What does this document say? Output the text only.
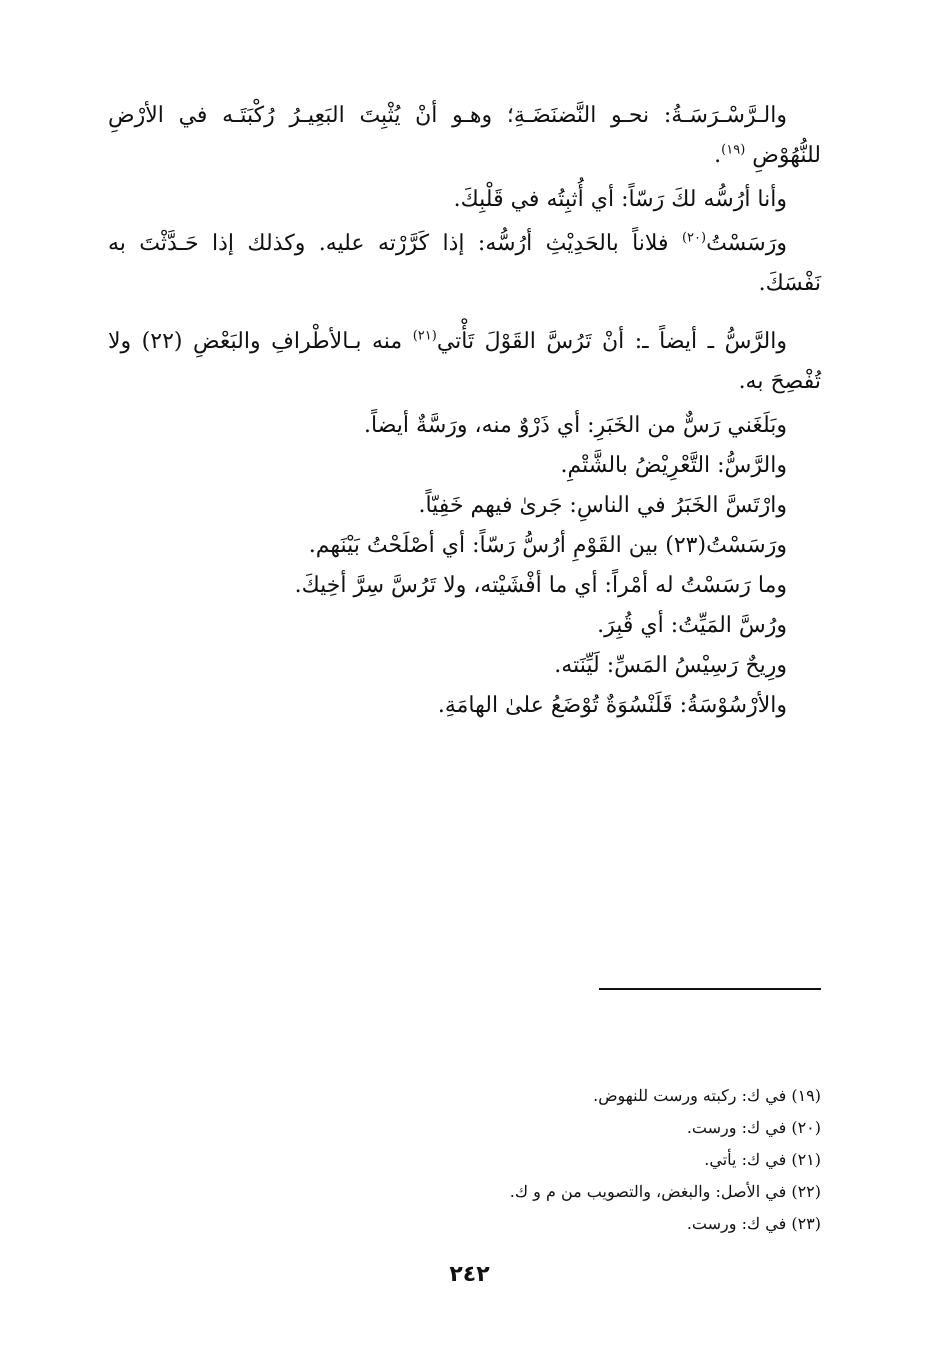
والـرَّسْـرَسَـةُ: نحـو النَّضنَضَـةِ؛ وهـو أنْ يُثْبِتَ البَعِيـرُ رُكْبَتَـه في الأرْضِ للنُّهُوْضِ $^{(١٩)}$.

وأنا أرُسُّه لكَ رَسّاً: أي أُثبِتُه في قَلْبِكَ.

ورَسَسْتُ$^{(٢٠)}$ فلاناً بالحَدِيْثِ أرُسُّه: إذا كَرَّرْته عليه. وكذلك إذا حَـدَّثْتَ به نَفْسَكَ.

والرَّسُّ ـ أيضاً ـ: أنْ تَرُسَّ القَوْلَ تَأْتي$^{(٢١)}$ منه بـالأطْرافِ والبَعْضِ (٢٢) ولا تُفْصِحَ به.

وبَلَغَني رَسٌّ من الخَبَرِ: أي ذَرْوٌ منه، ورَسَّةٌ أيضاً.

والرَّسُّ: التَّعْرِيْضُ بالشَّتْمِ.

وارْتَسَّ الخَبَرُ في الناسِ: جَرىٰ فيهم خَفِيّاً.

ورَسَسْتُ(٢٣) بين القَوْمِ أرُسُّ رَسّاً: أي أصْلَحْتُ بَيْنَهم.

وما رَسَسْتُ له أمْراً: أي ما أفْشَيْته، ولا تَرُسَّ سِرَّ أخِيكَ.

ورُسَّ المَيِّتُ: أي قُبِرَ.

ورِيحٌ رَسِيْسُ المَسِّ: لَيِّنَته.

والأرْسُوْسَةُ: قَلَنْسُوَةٌ تُوْضَعُ علىٰ الهامَةِ.

(١٩) في ك: ركبته ورست للنهوض.

(٢٠) في ك: ورست.

(٢١) في ك: يأتي.

(٢٢) في الأصل: والبغض، والتصويب من م و ك.

(٢٣) في ك: ورست.

٢٤٢
